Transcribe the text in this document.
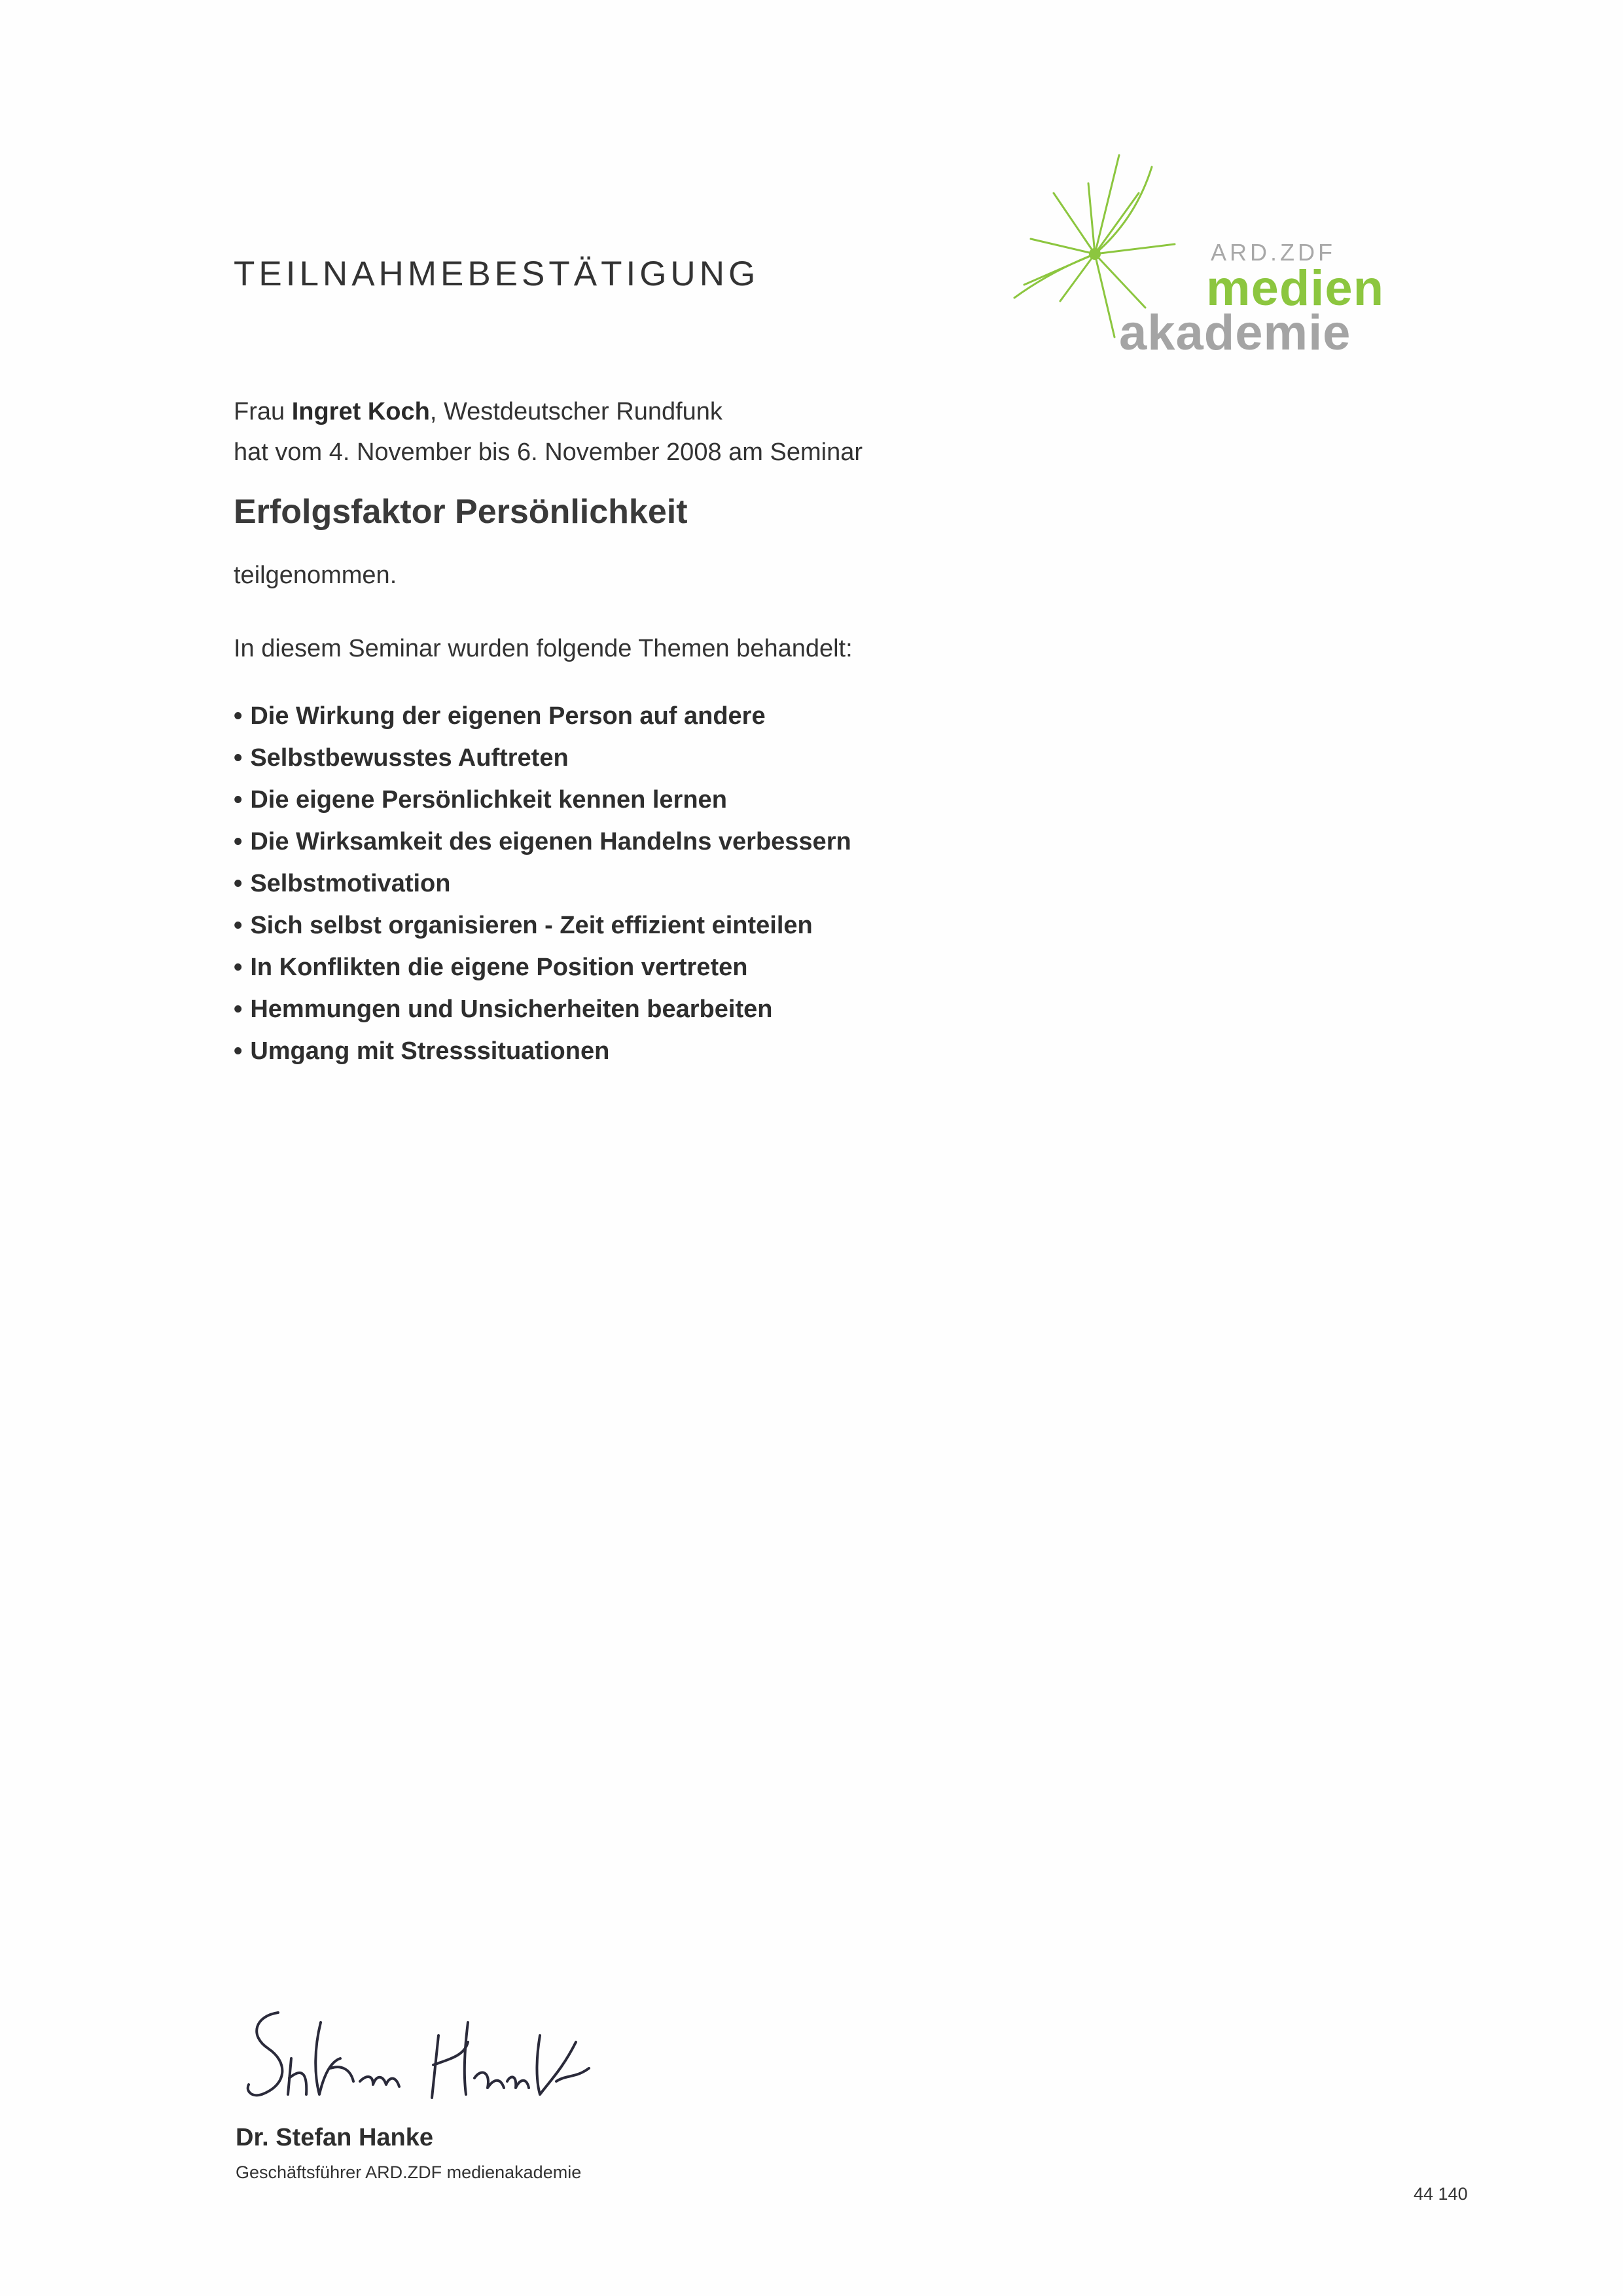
TEILNAHMEBESTÄTIGUNG
ARD.ZDF
medien
akademie
Frau Ingret Koch, Westdeutscher Rundfunk
hat vom 4. November bis 6. November 2008 am Seminar
Erfolgsfaktor Persönlichkeit
teilgenommen.
In diesem Seminar wurden folgende Themen behandelt:
• Die Wirkung der eigenen Person auf andere
• Selbstbewusstes Auftreten
• Die eigene Persönlichkeit kennen lernen
• Die Wirksamkeit des eigenen Handelns verbessern
• Selbstmotivation
• Sich selbst organisieren - Zeit effizient einteilen
• In Konflikten die eigene Position vertreten
• Hemmungen und Unsicherheiten bearbeiten
• Umgang mit Stresssituationen
Dr. Stefan Hanke
Geschäftsführer ARD.ZDF medienakademie
44 140
